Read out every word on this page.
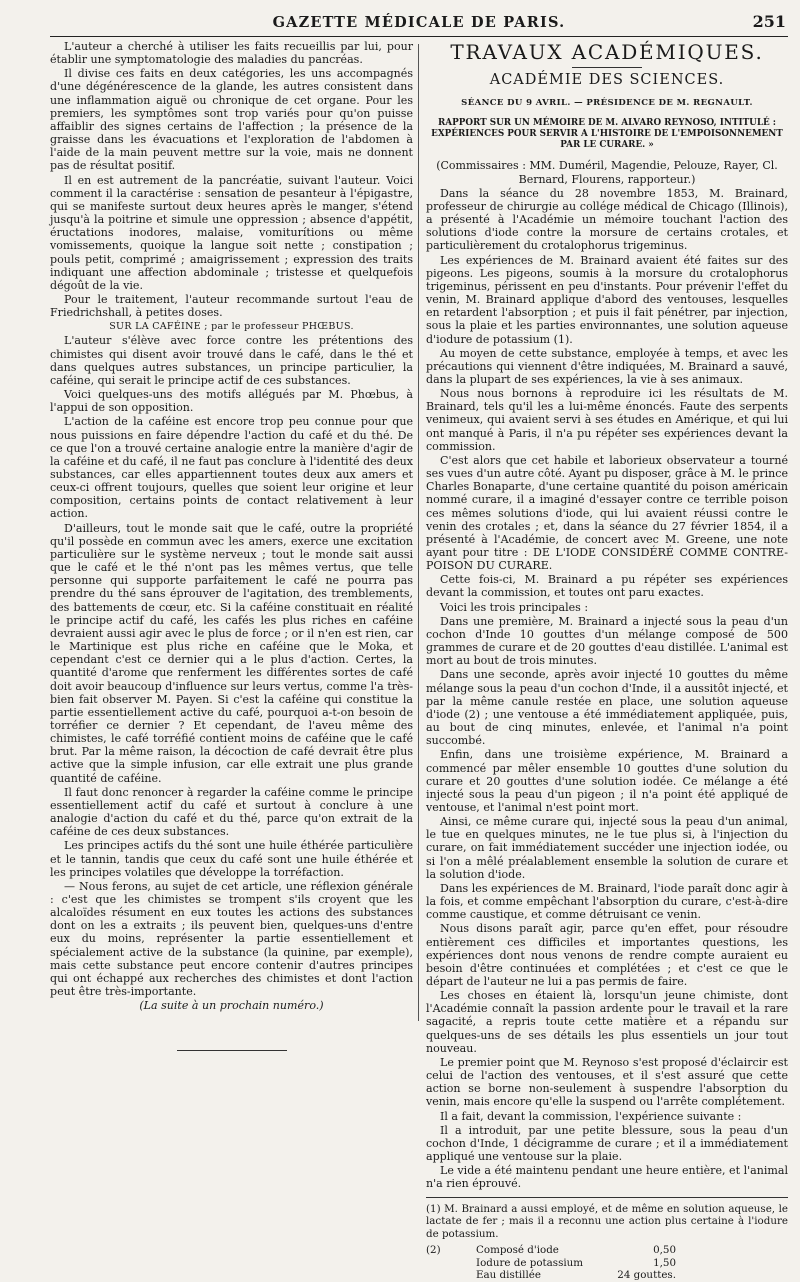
GAZETTE MÉDICALE DE PARIS.	251

L'auteur a cherché à utiliser les faits recueillis par lui, pour établir une symptomatologie des maladies du pancréas.

Il divise ces faits en deux catégories, les uns accompagnés d'une dégénérescence de la glande, les autres consistent dans une inflammation aiguë ou chronique de cet organe. Pour les premiers, les symptômes sont trop variés pour qu'on puisse affaiblir des signes certains de l'affection ; la présence de la graisse dans les évacuations et l'exploration de l'abdomen à l'aide de la main peuvent mettre sur la voie, mais ne donnent pas de résultat positif.

Il en est autrement de la pancréatie, suivant l'auteur. Voici comment il la caractérise : sensation de pesanteur à l'épigastre, qui se manifeste surtout deux heures après le manger, s'étend jusqu'à la poitrine et simule une oppression ; absence d'appétit, éructations inodores, malaise, vomiturítions ou même vomissements, quoique la langue soit nette ; constipation ; pouls petit, comprimé ; amaigrissement ; expression des traits indiquant une affection abdominale ; tristesse et quelquefois dégoût de la vie.

Pour le traitement, l'auteur recommande surtout l'eau de Friedrichshall, à petites doses.

SUR LA CAFÉINE ; par le professeur PHŒBUS.

L'auteur s'élève avec force contre les prétentions des chimistes qui disent avoir trouvé dans le café, dans le thé et dans quelques autres substances, un principe particulier, la caféine, qui serait le principe actif de ces substances.

Voici quelques-uns des motifs allégués par M. Phœbus, à l'appui de son opposition.

L'action de la caféine est encore trop peu connue pour que nous puissions en faire dépendre l'action du café et du thé. De ce que l'on a trouvé certaine analogie entre la manière d'agir de la caféine et du café, il ne faut pas conclure à l'identité des deux substances, car elles appartiennent toutes deux aux amers et ceux-ci offrent toujours, quelles que soient leur origine et leur composition, certains points de contact relativement à leur action.

D'ailleurs, tout le monde sait que le café, outre la propriété qu'il possède en commun avec les amers, exerce une excitation particulière sur le système nerveux ; tout le monde sait aussi que le café et le thé n'ont pas les mêmes vertus, que telle personne qui supporte parfaitement le café ne pourra pas prendre du thé sans éprouver de l'agitation, des tremblements, des battements de cœur, etc. Si la caféine constituait en réalité le principe actif du café, les cafés les plus riches en caféine devraient aussi agir avec le plus de force ; or il n'en est rien, car le Martinique est plus riche en caféine que le Moka, et cependant c'est ce dernier qui a le plus d'action. Certes, la quantité d'arome que renferment les différentes sortes de café doit avoir beaucoup d'influence sur leurs vertus, comme l'a très-bien fait observer M. Payen. Si c'est la caféine qui constitue la partie essentiellement active du café, pourquoi a-t-on besoin de torréfier ce dernier ? Et cependant, de l'aveu même des chimistes, le café torréfié contient moins de caféine que le café brut. Par la même raison, la décoction de café devrait être plus active que la simple infusion, car elle extrait une plus grande quantité de caféine.

Il faut donc renoncer à regarder la caféine comme le principe essentiellement actif du café et surtout à conclure à une analogie d'action du café et du thé, parce qu'on extrait de la caféine de ces deux substances.

Les principes actifs du thé sont une huile éthérée particulière et le tannin, tandis que ceux du café sont une huile éthérée et les principes volatiles que développe la torréfaction.

— Nous ferons, au sujet de cet article, une réflexion générale : c'est que les chimistes se trompent s'ils croyent que les alcaloïdes résument en eux toutes les actions des substances dont on les a extraits ; ils peuvent bien, quelques-uns d'entre eux du moins, représenter la partie essentiellement et spécialement active de la substance (la quinine, par exemple), mais cette substance peut encore contenir d'autres principes qui ont échappé aux recherches des chimistes et dont l'action peut être très-importante.

(La suite à un prochain numéro.)

TRAVAUX ACADÉMIQUES.
ACADÉMIE DES SCIENCES.
SÉANCE DU 9 AVRIL. — PRÉSIDENCE DE M. REGNAULT.
RAPPORT SUR UN MÉMOIRE DE M. ALVARO REYNOSO, INTITULÉ : EXPÉRIENCES POUR SERVIR A L'HISTOIRE DE L'EMPOISONNEMENT PAR LE CURARE. »

(Commissaires : MM. Duméril, Magendie, Pelouze, Rayer, Cl. Bernard, Flourens, rapporteur.)

Dans la séance du 28 novembre 1853, M. Brainard, professeur de chirurgie au collége médical de Chicago (Illinois), a présenté à l'Académie un mémoire touchant l'action des solutions d'iode contre la morsure de certains crotales, et particulièrement du crotalophorus trigeminus.

Les expériences de M. Brainard avaient été faites sur des pigeons. Les pigeons, soumis à la morsure du crotalophorus trigeminus, périssent en peu d'instants. Pour prévenir l'effet du venin, M. Brainard applique d'abord des ventouses, lesquelles en retardent l'absorption ; et puis il fait pénétrer, par injection, sous la plaie et les parties environnantes, une solution aqueuse d'iodure de potassium (1).

Au moyen de cette substance, employée à temps, et avec les précautions qui viennent d'être indiquées, M. Brainard a sauvé, dans la plupart de ses expériences, la vie à ses animaux.

Nous nous bornons à reproduire ici les résultats de M. Brainard, tels qu'il les a lui-même énoncés. Faute des serpents venimeux, qui avaient servi à ses études en Amérique, et qui lui ont manqué à Paris, il n'a pu répéter ses expériences devant la commission.

C'est alors que cet habile et laborieux observateur a tourné ses vues d'un autre côté. Ayant pu disposer, grâce à M. le prince Charles Bonaparte, d'une certaine quantité du poison américain nommé curare, il a imaginé d'essayer contre ce terrible poison ces mêmes solutions d'iode, qui lui avaient réussi contre le venin des crotales ; et, dans la séance du 27 février 1854, il a présenté à l'Académie, de concert avec M. Greene, une note ayant pour titre : DE L'IODE CONSIDÉRÉ COMME CONTRE-POISON DU CURARE.

Cette fois-ci, M. Brainard a pu répéter ses expériences devant la commission, et toutes ont paru exactes.

Voici les trois principales :

Dans une première, M. Brainard a injecté sous la peau d'un cochon d'Inde 10 gouttes d'un mélange composé de 500 grammes de curare et de 20 gouttes d'eau distillée. L'animal est mort au bout de trois minutes.

Dans une seconde, après avoir injecté 10 gouttes du même mélange sous la peau d'un cochon d'Inde, il a aussitôt injecté, et par la même canule restée en place, une solution aqueuse d'iode (2) ; une ventouse a été immédiatement appliquée, puis, au bout de cinq minutes, enlevée, et l'animal n'a point succombé.

Enfin, dans une troisième expérience, M. Brainard a commencé par mêler ensemble 10 gouttes d'une solution du curare et 20 gouttes d'une solution iodée. Ce mélange a été injecté sous la peau d'un pigeon ; il n'a point été appliqué de ventouse, et l'animal n'est point mort.

Ainsi, ce même curare qui, injecté sous la peau d'un animal, le tue en quelques minutes, ne le tue plus si, à l'injection du curare, on fait immédiatement succéder une injection iodée, ou si l'on a mêlé préalablement ensemble la solution de curare et la solution d'iode.

Dans les expériences de M. Brainard, l'iode paraît donc agir à la fois, et comme empêchant l'absorption du curare, c'est-à-dire comme caustique, et comme détruisant ce venin.

Nous disons paraît agir, parce qu'en effet, pour résoudre entièrement ces difficiles et importantes questions, les expériences dont nous venons de rendre compte auraient eu besoin d'être continuées et complétées ; et c'est ce que le départ de l'auteur ne lui a pas permis de faire.

Les choses en étaient là, lorsqu'un jeune chimiste, dont l'Académie connaît la passion ardente pour le travail et la rare sagacité, a repris toute cette matière et a répandu sur quelques-uns de ses détails les plus essentiels un jour tout nouveau.

Le premier point que M. Reynoso s'est proposé d'éclaircir est celui de l'action des ventouses, et il s'est assuré que cette action se borne non-seulement à suspendre l'absorption du venin, mais encore qu'elle la suspend ou l'arrête complétement.

Il a fait, devant la commission, l'expérience suivante :

Il a introduit, par une petite blessure, sous la peau d'un cochon d'Inde, 1 décigramme de curare ; et il a immédiatement appliqué une ventouse sur la plaie.

Le vide a été maintenu pendant une heure entière, et l'animal n'a rien éprouvé.

(1) M. Brainard a aussi employé, et de même en solution aqueuse, le lactate de fer ; mais il a reconnu une action plus certaine à l'iodure de potassium.
(2)	Composé d'iode	0,50
Iodure de potassium	1,50
Eau distillée	24 gouttes.
